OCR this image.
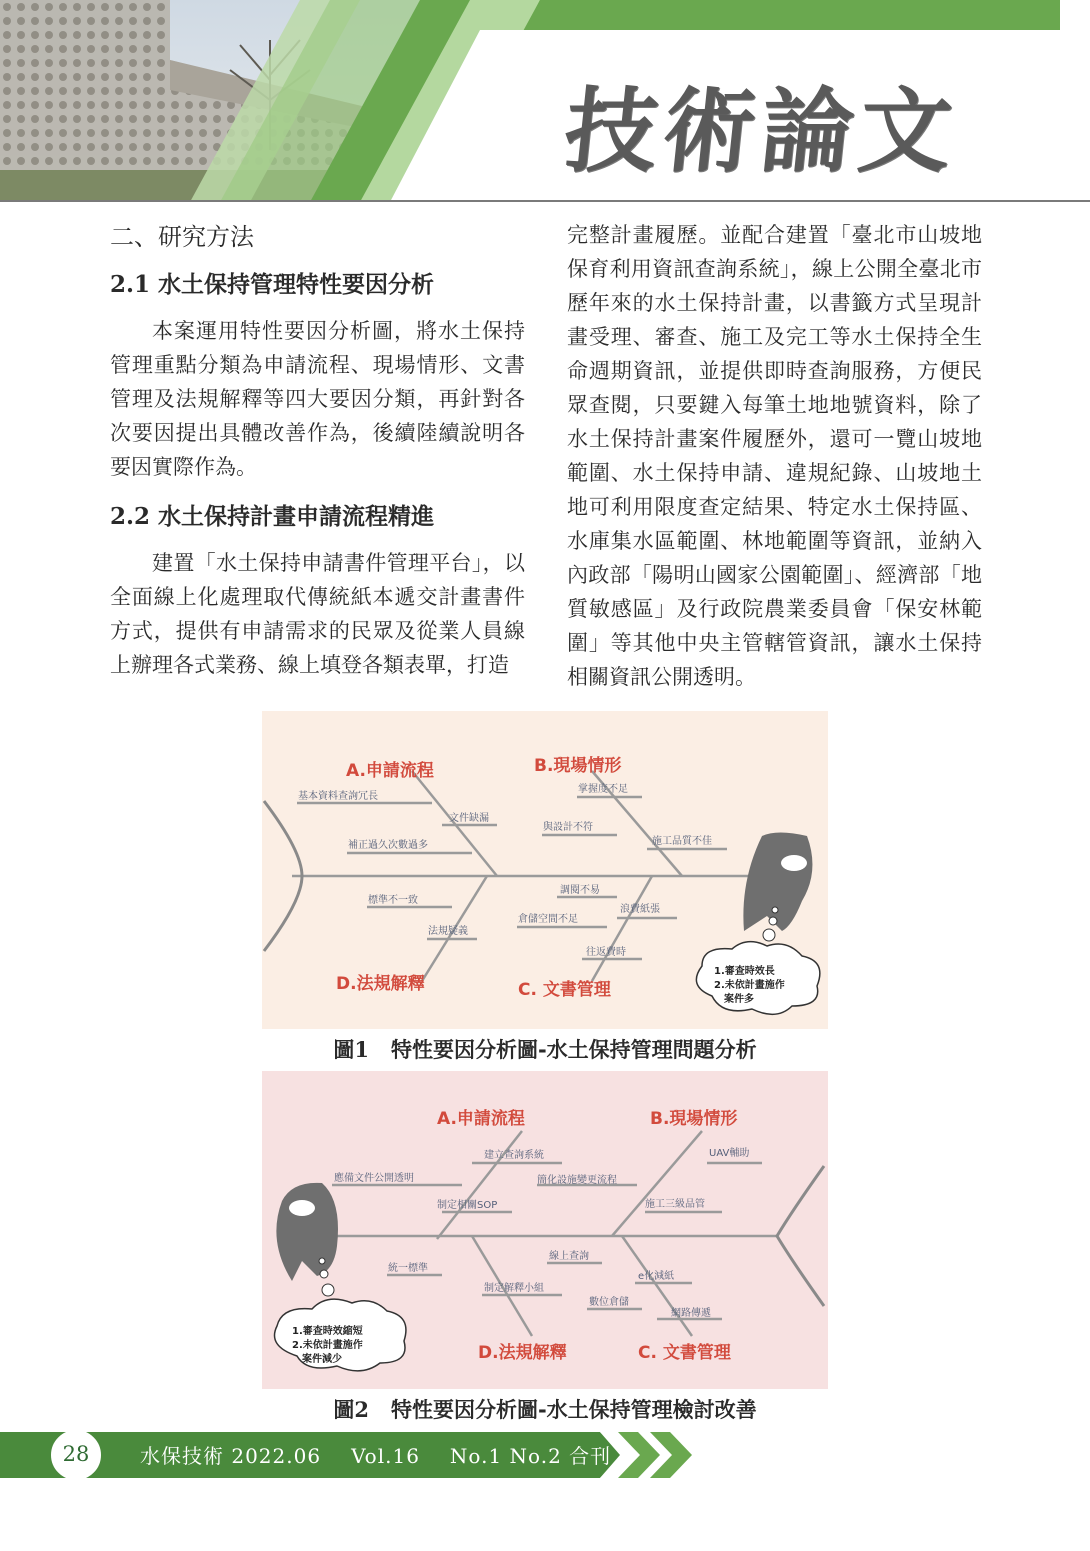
技術論文
二、研究方法
2.1 水土保持管理特性要因分析

本案運用特性要因分析圖，將水土保持管理重點分類為申請流程、現場情形、文書管理及法規解釋等四大要因分類，再針對各次要因提出具體改善作為，後續陸續說明各要因實際作為。

2.2 水土保持計畫申請流程精進

建置「水土保持申請書件管理平台」，以全面線上化處理取代傳統紙本遞交計畫書件方式，提供有申請需求的民眾及從業人員線上辦理各式業務、線上填登各類表單，打造

完整計畫履歷。並配合建置「臺北市山坡地保育利用資訊查詢系統」，線上公開全臺北市歷年來的水土保持計畫，以書籤方式呈現計畫受理、審查、施工及完工等水土保持全生命週期資訊，並提供即時查詢服務，方便民眾查閱，只要鍵入每筆土地地號資料，除了水土保持計畫案件履歷外，還可一覽山坡地範圍、水土保持申請、違規紀錄、山坡地土地可利用限度查定結果、特定水土保持區、水庫集水區範圍、林地範圍等資訊，並納入內政部「陽明山國家公園範圍」、經濟部「地質敏感區」及行政院農業委員會「保安林範圍」等其他中央主管轄管資訊，讓水土保持相關資訊公開透明。

A.申請流程	B.現場情形
C. 文書管理
D.法規解釋
基本資料查詢冗長
文件缺漏
補正過久次數過多
掌握度不足
與設計不符
施工品質不佳
調閱不易
浪費紙張
倉儲空間不足
往返費時
標準不一致
法規疑義
1.審查時效長
2.未依計畫施作
案件多
圖1 特性要因分析圖-水土保持管理問題分析
A.申請流程	B.現場情形
C. 文書管理
D.法規解釋
建立查詢系統
應備文件公開透明
制定相關SOP
UAV輔助
簡化設施變更流程
施工三級品管
線上查詢
e化減紙
數位倉儲
網路傳遞
統一標準
制定解釋小組
1.審查時效縮短
2.未依計畫施作
案件減少
圖2 特性要因分析圖-水土保持管理檢討改善
28	水保技術 2022.06 Vol.16 No.1 No.2 合刊
